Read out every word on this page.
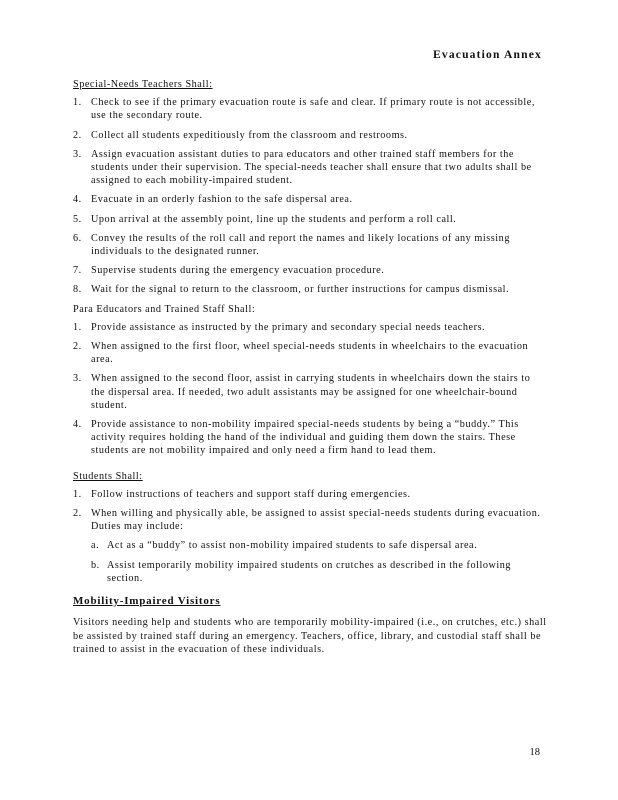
Evacuation Annex
Special-Needs Teachers Shall:
1. Check to see if the primary evacuation route is safe and clear. If primary route is not accessible, use the secondary route.
2. Collect all students expeditiously from the classroom and restrooms.
3. Assign evacuation assistant duties to para educators and other trained staff members for the students under their supervision. The special-needs teacher shall ensure that two adults shall be assigned to each mobility-impaired student.
4. Evacuate in an orderly fashion to the safe dispersal area.
5. Upon arrival at the assembly point, line up the students and perform a roll call.
6. Convey the results of the roll call and report the names and likely locations of any missing individuals to the designated runner.
7. Supervise students during the emergency evacuation procedure.
8. Wait for the signal to return to the classroom, or further instructions for campus dismissal.
Para Educators and Trained Staff Shall:
1. Provide assistance as instructed by the primary and secondary special needs teachers.
2. When assigned to the first floor, wheel special-needs students in wheelchairs to the evacuation area.
3. When assigned to the second floor, assist in carrying students in wheelchairs down the stairs to the dispersal area. If needed, two adult assistants may be assigned for one wheelchair-bound student.
4. Provide assistance to non-mobility impaired special-needs students by being a “buddy.” This activity requires holding the hand of the individual and guiding them down the stairs. These students are not mobility impaired and only need a firm hand to lead them.
Students Shall:
1. Follow instructions of teachers and support staff during emergencies.
2. When willing and physically able, be assigned to assist special-needs students during evacuation. Duties may include:
a. Act as a “buddy” to assist non-mobility impaired students to safe dispersal area.
b. Assist temporarily mobility impaired students on crutches as described in the following section.
Mobility-Impaired Visitors

Visitors needing help and students who are temporarily mobility-impaired (i.e., on crutches, etc.) shall be assisted by trained staff during an emergency. Teachers, office, library, and custodial staff shall be trained to assist in the evacuation of these individuals.

18
